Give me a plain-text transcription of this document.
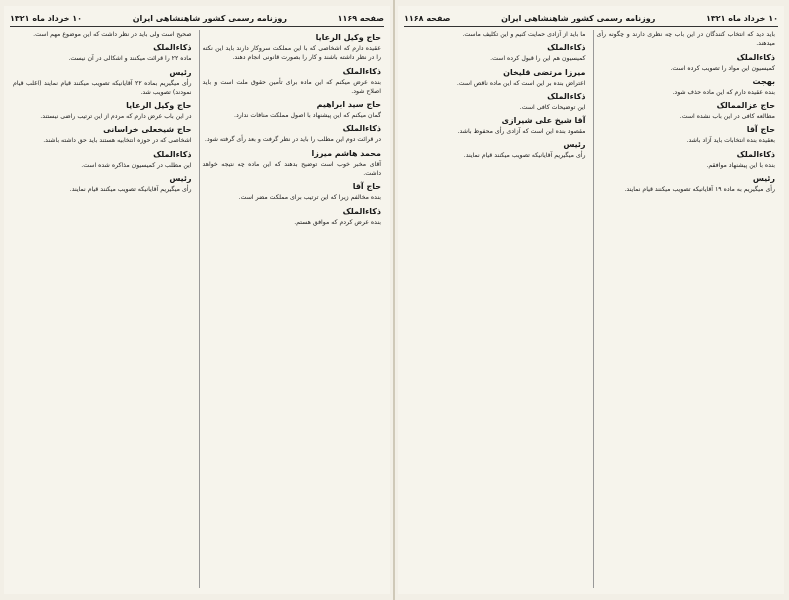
صفحه ۱۱۶۹
روزنامه رسمی کشور شاهنشاهی ایران
۱۰ خرداد ماه ۱۳۲۱
حاج وکیل الرعایا
عقیده دارم که اشخاصی که با این مملکت سروکار دارند باید این نکته را در نظر داشته باشند و کار را بصورت قانونی انجام دهند.
ذکاءالملک
بنده عرض میکنم که این ماده برای تأمین حقوق ملت است و باید اصلاح شود.
حاج سید ابراهیم
گمان میکنم که این پیشنهاد با اصول مملکت منافات ندارد.
ذکاءالملک
در قرائت دوم این مطلب را باید در نظر گرفت و بعد رأی گرفته شود.
محمد هاشم میرزا
آقای مخبر خوب است توضیح بدهند که این ماده چه نتیجه خواهد داشت.
حاج آقا
بنده مخالفم زیرا که این ترتیب برای مملکت مضر است.
ذکاءالملک
بنده عرض کردم که موافق هستم.
صحیح است ولی باید در نظر داشت که این موضوع مهم است.
ذکاءالملک
ماده ۲۲ را قرائت میکنند و اشکالی در آن نیست.
رئیس
رأی میگیریم بماده ۲۲ آقایانیکه تصویب میکنند قیام نمایند (اغلب قیام نمودند) تصویب شد.
حاج وکیل الرعایا
در این باب عرض دارم که مردم از این ترتیب راضی نیستند.
حاج شیخعلی خراسانی
اشخاصی که در حوزه انتخابیه هستند باید حق داشته باشند.
ذکاءالملک
این مطلب در کمیسیون مذاکره شده است.
رئیس
رأی میگیریم آقایانیکه تصویب میکنند قیام نمایند.
۱۰ خرداد ماه ۱۳۲۱
روزنامه رسمی کشور شاهنشاهی ایران
صفحه ۱۱۶۸
باید دید که انتخاب کنندگان در این باب چه نظری دارند و چگونه رأی میدهند.
ذکاءالملک
کمیسیون این مواد را تصویب کرده است.
بهجت
بنده عقیده دارم که این ماده حذف شود.
حاج عزالممالک
مطالعه کافی در این باب نشده است.
حاج آقا
بعقیده بنده انتخابات باید آزاد باشد.
ذکاءالملک
بنده با این پیشنهاد موافقم.
رئیس
رأی میگیریم به ماده ۱۹ آقایانیکه تصویب میکنند قیام نمایند.
ما باید از آزادی حمایت کنیم و این تکلیف ماست.
ذکاءالملک
کمیسیون هم این را قبول کرده است.
میرزا مرتضی قلیخان
اعتراض بنده بر این است که این ماده ناقص است.
ذکاءالملک
این توضیحات کافی است.
آقا شیخ علی شیرازی
مقصود بنده این است که آزادی رأی محفوظ باشد.
رئیس
رأی میگیریم آقایانیکه تصویب میکنند قیام نمایند.
